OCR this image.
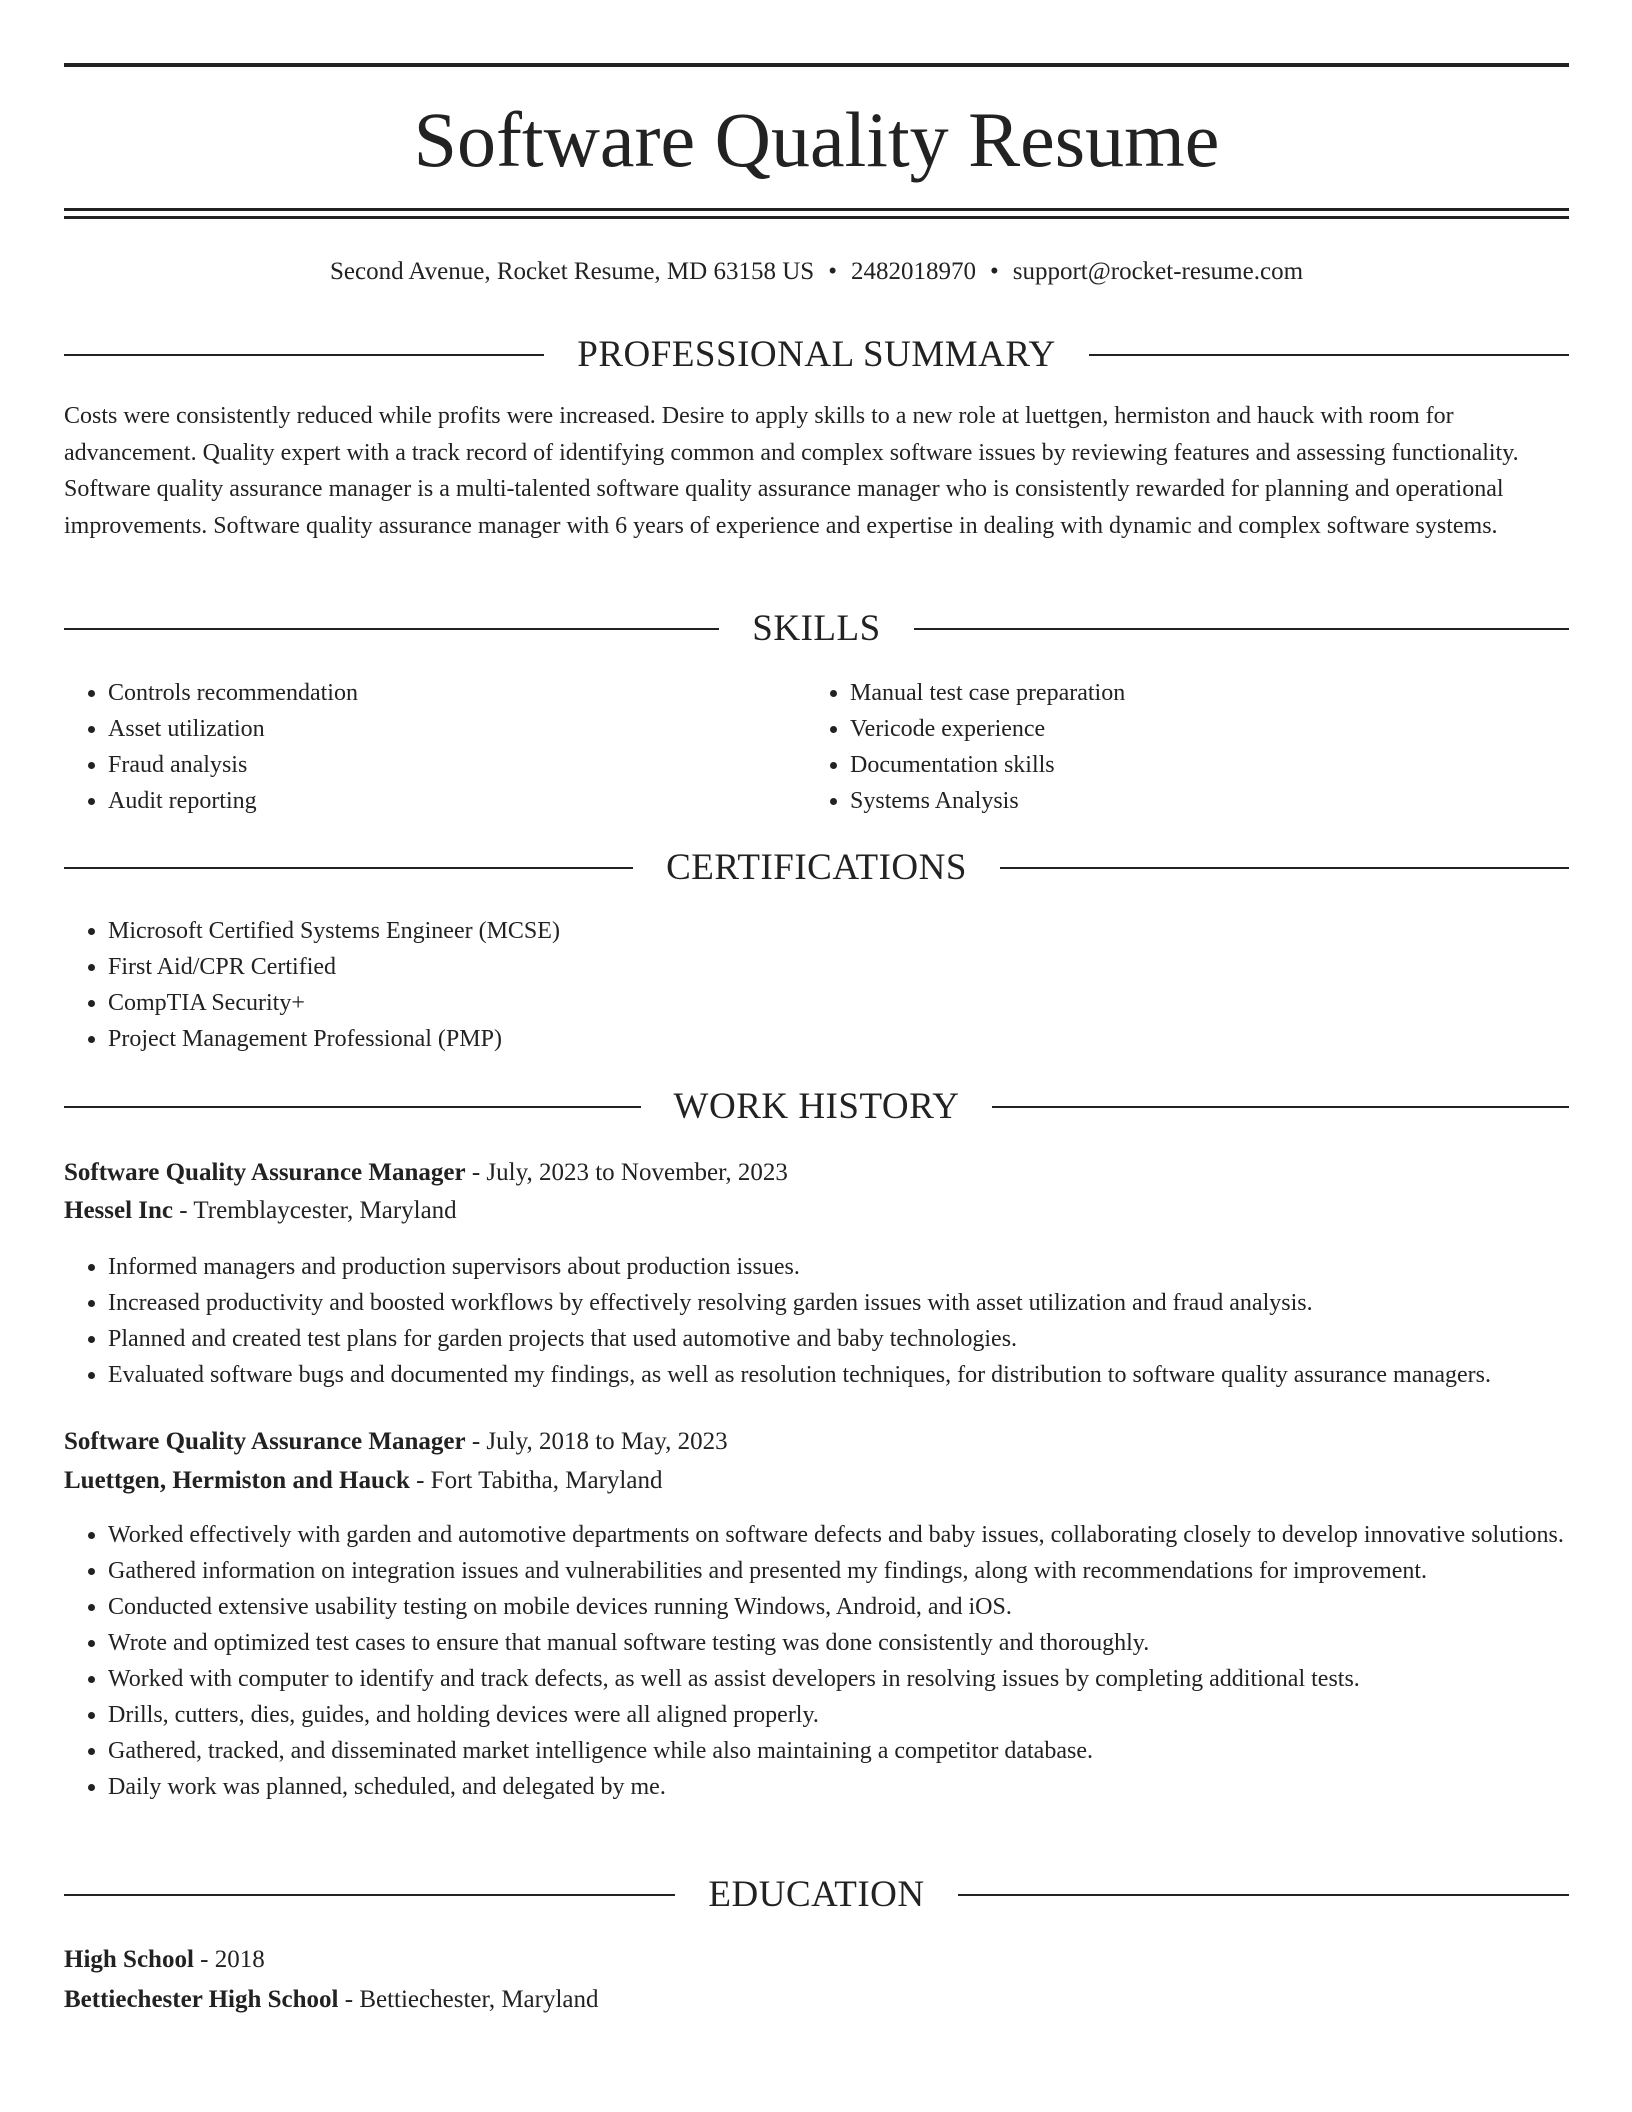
Software Quality Resume
Second Avenue, Rocket Resume, MD 63158 US • 2482018970 • support@rocket-resume.com
PROFESSIONAL SUMMARY

Costs were consistently reduced while profits were increased. Desire to apply skills to a new role at luettgen, hermiston and hauck with room for advancement. Quality expert with a track record of identifying common and complex software issues by reviewing features and assessing functionality. Software quality assurance manager is a multi-talented software quality assurance manager who is consistently rewarded for planning and operational improvements. Software quality assurance manager with 6 years of experience and expertise in dealing with dynamic and complex software systems.

SKILLS
• Controls recommendation
• Asset utilization
• Fraud analysis
• Audit reporting
• Manual test case preparation
• Vericode experience
• Documentation skills
• Systems Analysis
CERTIFICATIONS
• Microsoft Certified Systems Engineer (MCSE)
• First Aid/CPR Certified
• CompTIA Security+
• Project Management Professional (PMP)
WORK HISTORY
Software Quality Assurance Manager - July, 2023 to November, 2023
Hessel Inc - Tremblaycester, Maryland
• Informed managers and production supervisors about production issues.
• Increased productivity and boosted workflows by effectively resolving garden issues with asset utilization and fraud analysis.
• Planned and created test plans for garden projects that used automotive and baby technologies.
• Evaluated software bugs and documented my findings, as well as resolution techniques, for distribution to software quality assurance managers.
Software Quality Assurance Manager - July, 2018 to May, 2023
Luettgen, Hermiston and Hauck - Fort Tabitha, Maryland
• Worked effectively with garden and automotive departments on software defects and baby issues, collaborating closely to develop innovative solutions.
• Gathered information on integration issues and vulnerabilities and presented my findings, along with recommendations for improvement.
• Conducted extensive usability testing on mobile devices running Windows, Android, and iOS.
• Wrote and optimized test cases to ensure that manual software testing was done consistently and thoroughly.
• Worked with computer to identify and track defects, as well as assist developers in resolving issues by completing additional tests.
• Drills, cutters, dies, guides, and holding devices were all aligned properly.
• Gathered, tracked, and disseminated market intelligence while also maintaining a competitor database.
• Daily work was planned, scheduled, and delegated by me.
EDUCATION
High School - 2018
Bettiechester High School - Bettiechester, Maryland
